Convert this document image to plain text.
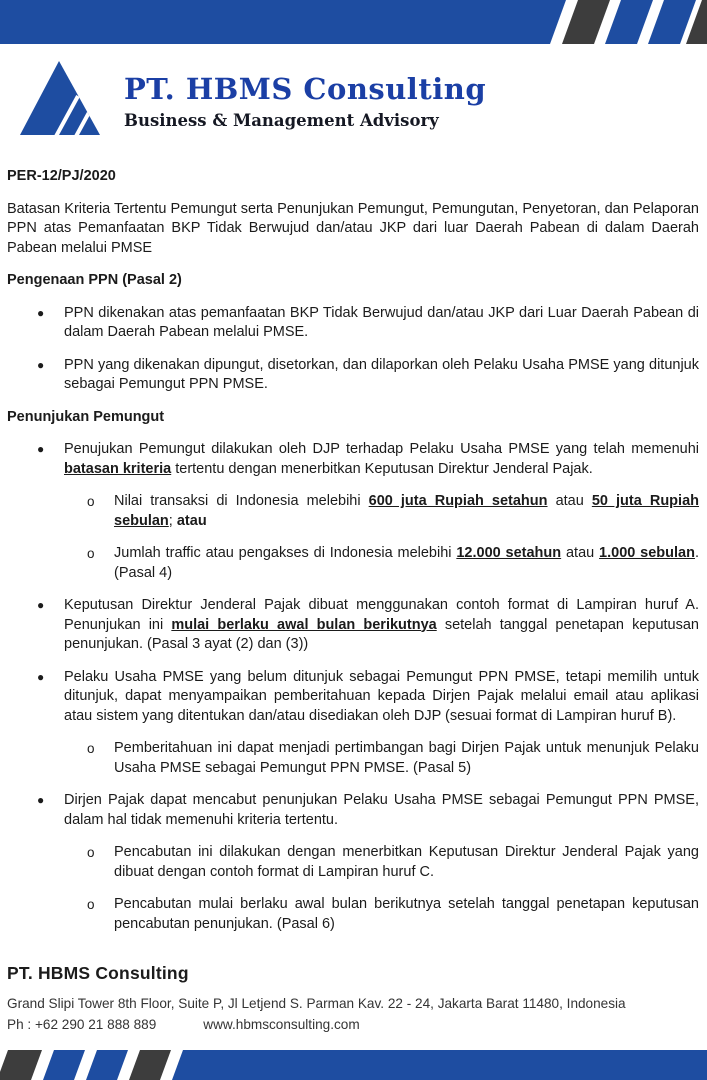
PT. HBMS Consulting
Business & Management Advisory
PER-12/PJ/2020
Batasan Kriteria Tertentu Pemungut serta Penunjukan Pemungut, Pemungutan, Penyetoran, dan Pelaporan PPN atas Pemanfaatan BKP Tidak Berwujud dan/atau JKP dari luar Daerah Pabean di dalam Daerah Pabean melalui PMSE
Pengenaan PPN (Pasal 2)
●	PPN dikenakan atas pemanfaatan BKP Tidak Berwujud dan/atau JKP dari Luar Daerah Pabean di dalam Daerah Pabean melalui PMSE.
●	PPN yang dikenakan dipungut, disetorkan, dan dilaporkan oleh Pelaku Usaha PMSE yang ditunjuk sebagai Pemungut PPN PMSE.
Penunjukan Pemungut
●	Penujukan Pemungut dilakukan oleh DJP terhadap Pelaku Usaha PMSE yang telah memenuhi batasan kriteria tertentu dengan menerbitkan Keputusan Direktur Jenderal Pajak.
o	Nilai transaksi di Indonesia melebihi 600 juta Rupiah setahun atau 50 juta Rupiah sebulan; atau
o	Jumlah traffic atau pengakses di Indonesia melebihi 12.000 setahun atau 1.000 sebulan. (Pasal 4)
●	Keputusan Direktur Jenderal Pajak dibuat menggunakan contoh format di Lampiran huruf A. Penunjukan ini mulai berlaku awal bulan berikutnya setelah tanggal penetapan keputusan penunjukan. (Pasal 3 ayat (2) dan (3))
●	Pelaku Usaha PMSE yang belum ditunjuk sebagai Pemungut PPN PMSE, tetapi memilih untuk ditunjuk, dapat menyampaikan pemberitahuan kepada Dirjen Pajak melalui email atau aplikasi atau sistem yang ditentukan dan/atau disediakan oleh DJP (sesuai format di Lampiran huruf B).
o	Pemberitahuan ini dapat menjadi pertimbangan bagi Dirjen Pajak untuk menunjuk Pelaku Usaha PMSE sebagai Pemungut PPN PMSE. (Pasal 5)
●	Dirjen Pajak dapat mencabut penunjukan Pelaku Usaha PMSE sebagai Pemungut PPN PMSE, dalam hal tidak memenuhi kriteria tertentu.
o	Pencabutan ini dilakukan dengan menerbitkan Keputusan Direktur Jenderal Pajak yang dibuat dengan contoh format di Lampiran huruf C.
o	Pencabutan mulai berlaku awal bulan berikutnya setelah tanggal penetapan keputusan pencabutan penunjukan. (Pasal 6)
PT. HBMS Consulting
Grand Slipi Tower 8th Floor, Suite P, Jl Letjend S. Parman Kav. 22 - 24, Jakarta Barat 11480, Indonesia
Ph : +62 290 21 888 889	www.hbmsconsulting.com
